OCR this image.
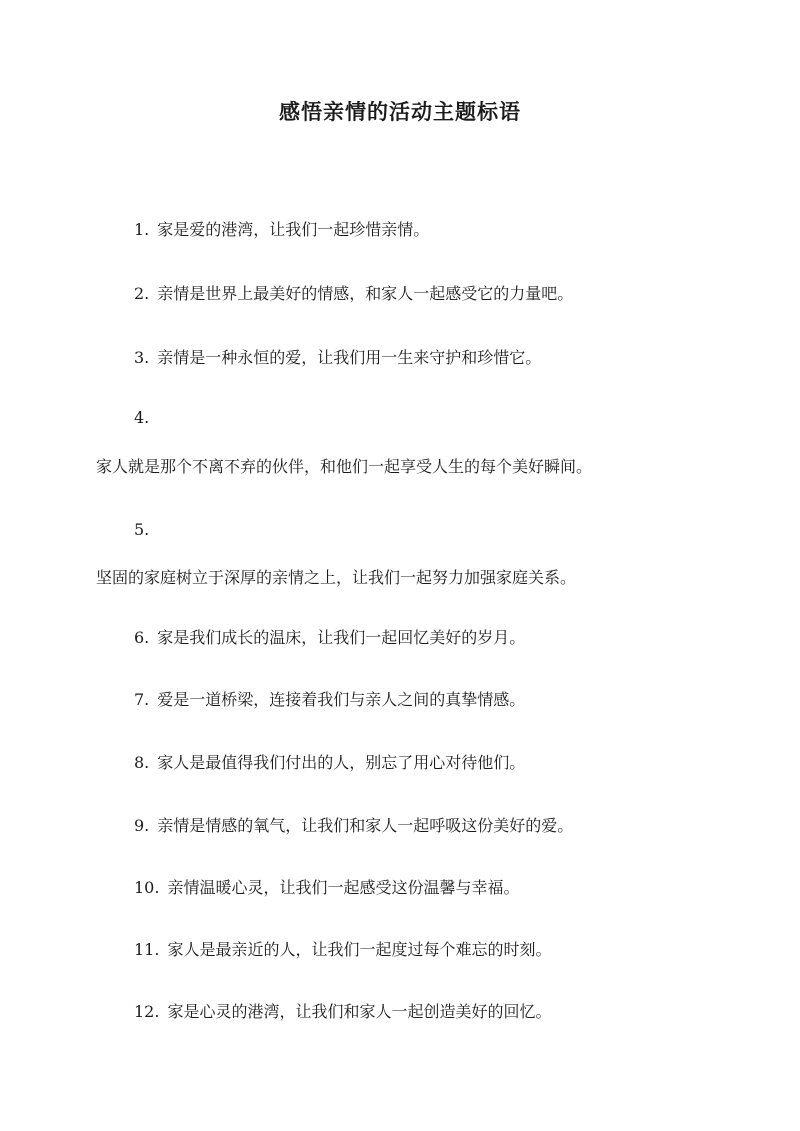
感悟亲情的活动主题标语
1. 家是爱的港湾，让我们一起珍惜亲情。
2. 亲情是世界上最美好的情感，和家人一起感受它的力量吧。
3. 亲情是一种永恒的爱，让我们用一生来守护和珍惜它。
4.
家人就是那个不离不弃的伙伴，和他们一起享受人生的每个美好瞬间。
5.
坚固的家庭树立于深厚的亲情之上，让我们一起努力加强家庭关系。
6. 家是我们成长的温床，让我们一起回忆美好的岁月。
7. 爱是一道桥梁，连接着我们与亲人之间的真挚情感。
8. 家人是最值得我们付出的人，别忘了用心对待他们。
9. 亲情是情感的氧气，让我们和家人一起呼吸这份美好的爱。
10. 亲情温暖心灵，让我们一起感受这份温馨与幸福。
11. 家人是最亲近的人，让我们一起度过每个难忘的时刻。
12. 家是心灵的港湾，让我们和家人一起创造美好的回忆。
